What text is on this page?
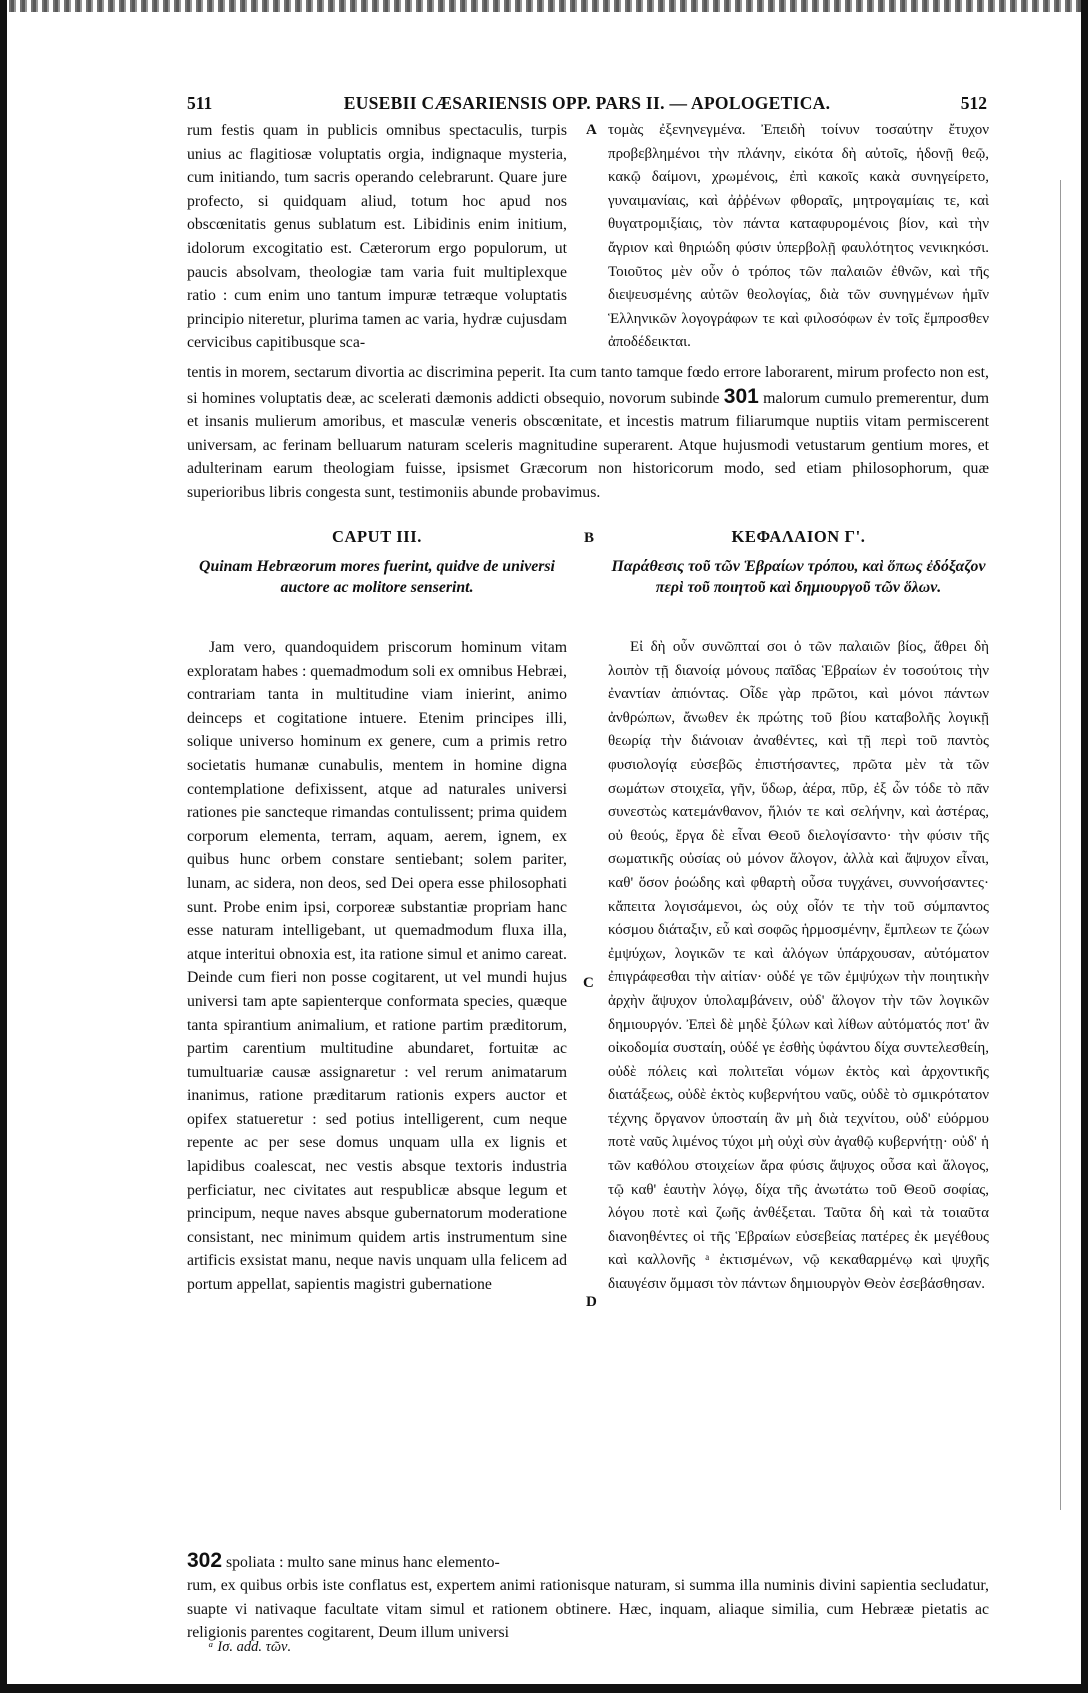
511	EUSEBII CÆSARIENSIS OPP. PARS II. — APOLOGETICA.	512

rum festis quam in publicis omnibus spectaculis, turpis unius ac flagitiosæ voluptatis orgia, indignaque mysteria, cum initiando, tum sacris operando celebrarunt. Quare jure profecto, si quidquam aliud, totum hoc apud nos obscœnitatis genus sublatum est. Libidinis enim initium, idolorum excogitatio est. Cæterorum ergo populorum, ut paucis absolvam, theologiæ tam varia fuit multiplexque ratio : cum enim uno tantum impuræ tetræque voluptatis principio niteretur, plurima tamen ac varia, hydræ cujusdam cervicibus capitibusque sca-

A τομὰς ἐξενηνεγμένα. Ἐπειδὴ τοίνυν τοσαύτην ἔτυχον προβεβλημένοι τὴν πλάνην, εἰκότα δὴ αὐτοῖς, ἡδονῇ θεῷ, κακῷ δαίμονι, χρωμένοις, ἐπὶ κακοῖς κακὰ συνηγείρετο, γυναιμανίαις, καὶ ἀῤῥένων φθοραῖς, μητρογαμίαις τε, καὶ θυγατρομιξίαις, τὸν πάντα καταφυρομένοις βίον, καὶ τὴν ἄγριον καὶ θηριώδη φύσιν ὑπερβολῇ φαυλότητος νενικηκόσι. Τοιοῦτος μὲν οὖν ὁ τρόπος τῶν παλαιῶν ἐθνῶν, καὶ τῆς διεψευσμένης αὐτῶν θεολογίας, διὰ τῶν συνηγμένων ἡμῖν Ἑλληνικῶν λογογράφων τε καὶ φιλοσόφων ἐν τοῖς ἔμπροσθεν ἀποδέδεικται.

tentis in morem, sectarum divortia ac discrimina peperit. Ita cum tanto tamque fœdo errore laborarent, mirum profecto non est, si homines voluptatis deæ, ac scelerati dæmonis addicti obsequio, novorum subinde 301 malorum cumulo premerentur, dum et insanis mulierum amoribus, et masculæ veneris obscœnitate, et incestis matrum filiarumque nuptiis vitam permiscerent universam, ac ferinam belluarum naturam sceleris magnitudine superarent. Atque hujusmodi vetustarum gentium mores, et adulterinam earum theologiam fuisse, ipsismet Græcorum non historicorum modo, sed etiam philosophorum, quæ superioribus libris congesta sunt, testimoniis abunde probavimus.

CAPUT III.	B	ΚΕΦΑΛΑΙΟΝ Γ'.
Quinam Hebræorum mores fuerint, quidve de universi auctore ac molitore senserint.
Παράθεσις τοῦ τῶν Ἑβραίων τρόπου, καὶ ὅπως ἐδόξαζον περὶ τοῦ ποιητοῦ καὶ δημιουργοῦ τῶν ὅλων.

Jam vero, quandoquidem priscorum hominum vitam exploratam habes : quemadmodum soli ex omnibus Hebræi, contrariam tanta in multitudine viam inierint, animo deinceps et cogitatione intuere. Etenim principes illi, solique universo hominum ex genere, cum a primis retro societatis humanæ cunabulis, mentem in homine digna contemplatione defixissent, atque ad naturales universi rationes pie sancteque rimandas contulissent; prima quidem corporum elementa, terram, aquam, aerem, ignem, ex quibus hunc orbem constare sentiebant; solem pariter, lunam, ac sidera, non deos, sed Dei opera esse philosophati sunt. Probe enim ipsi, corporeæ substantiæ propriam hanc esse naturam intelligebant, ut quemadmodum fluxa illa, atque interitui obnoxia est, ita ratione simul et animo careat. Deinde cum fieri non posse cogitarent, ut vel mundi hujus universi tam apte sapienterque conformata species, quæque tanta spirantium animalium, et ratione partim præditorum, partim carentium multitudine abundaret, fortuitæ ac tumultuariæ causæ assignaretur : vel rerum animatarum inanimus, ratione præditarum rationis expers auctor et opifex statueretur : sed potius intelligerent, cum neque repente ac per sese domus unquam ulla ex lignis et lapidibus coalescat, nec vestis absque textoris industria perficiatur, nec civitates aut respublicæ absque legum et principum, neque naves absque gubernatorum moderatione consistant, nec minimum quidem artis instrumentum sine artificis exsistat manu, neque navis unquam ulla felicem ad portum appellat, sapientis magistri gubernatione

C
D

Εἰ δὴ οὖν συνῶπταί σοι ὁ τῶν παλαιῶν βίος, ἄθρει δὴ λοιπὸν τῇ διανοίᾳ μόνους παῖδας Ἑβραίων ἐν τοσούτοις τὴν ἐναντίαν ἀπιόντας. Οἷδε γὰρ πρῶτοι, καὶ μόνοι πάντων ἀνθρώπων, ἄνωθεν ἐκ πρώτης τοῦ βίου καταβολῆς λογικῇ θεωρίᾳ τὴν διάνοιαν ἀναθέντες, καὶ τῇ περὶ τοῦ παντὸς φυσιολογίᾳ εὐσεβῶς ἐπιστήσαντες, πρῶτα μὲν τὰ τῶν σωμάτων στοιχεῖα, γῆν, ὕδωρ, ἀέρα, πῦρ, ἐξ ὧν τόδε τὸ πᾶν συνεστὼς κατεμάνθανον, ἥλιόν τε καὶ σελήνην, καὶ ἀστέρας, οὐ θεούς, ἔργα δὲ εἶναι Θεοῦ διελογίσαντο· τὴν φύσιν τῆς σωματικῆς οὐσίας οὐ μόνον ἄλογον, ἀλλὰ καὶ ἄψυχον εἶναι, καθ' ὅσον ῥοώδης καὶ φθαρτὴ οὖσα τυγχάνει, συννοήσαντες· κἄπειτα λογισάμενοι, ὡς οὐχ οἷόν τε τὴν τοῦ σύμπαντος κόσμου διάταξιν, εὖ καὶ σοφῶς ἡρμοσμένην, ἔμπλεων τε ζώων ἐμψύχων, λογικῶν τε καὶ ἀλόγων ὑπάρχουσαν, αὐτόματον ἐπιγράφεσθαι τὴν αἰτίαν· οὐδέ γε τῶν ἐμψύχων τὴν ποιητικὴν ἀρχὴν ἄψυχον ὑπολαμβάνειν, οὐδ' ἄλογον τὴν τῶν λογικῶν δημιουργόν. Ἐπεὶ δὲ μηδὲ ξύλων καὶ λίθων αὐτόματός ποτ' ἂν οἰκοδομία συσταίη, οὐδέ γε ἐσθὴς ὑφάντου δίχα συντελεσθείη, οὐδὲ πόλεις καὶ πολιτεῖαι νόμων ἐκτὸς καὶ ἀρχοντικῆς διατάξεως, οὐδὲ ἐκτὸς κυβερνήτου ναῦς, οὐδὲ τὸ σμικρότατον τέχνης ὄργανον ὑποσταίη ἂν μὴ διὰ τεχνίτου, οὐδ' εὐόρμου ποτὲ ναῦς λιμένος τύχοι μὴ οὐχὶ σὺν ἀγαθῷ κυβερνήτῃ· οὐδ' ἡ τῶν καθόλου στοιχείων ἄρα φύσις ἄψυχος οὖσα καὶ ἄλογος, τῷ καθ' ἑαυτὴν λόγῳ, δίχα τῆς ἀνωτάτω τοῦ Θεοῦ σοφίας, λόγου ποτὲ καὶ ζωῆς ἀνθέξεται. Ταῦτα δὴ καὶ τὰ τοιαῦτα διανοηθέντες οἱ τῆς Ἑβραίων εὐσεβείας πατέρες ἐκ μεγέθους καὶ καλλονῆς ᵃ ἐκτισμένων, νῷ κεκαθαρμένῳ καὶ ψυχῆς διαυγέσιν ὄμμασι τὸν πάντων δημιουργὸν Θεὸν ἐσεβάσθησαν.

302 spoliata : multo sane minus hanc elemento-

rum, ex quibus orbis iste conflatus est, expertem animi rationisque naturam, si summa illa numinis divini sapientia secludatur, suapte vi nativaque facultate vitam simul et rationem obtinere. Hæc, inquam, aliaque similia, cum Hebrææ pietatis ac religionis parentes cogitarent, Deum illum universi

ᵃ Ισ. add. τῶν.
